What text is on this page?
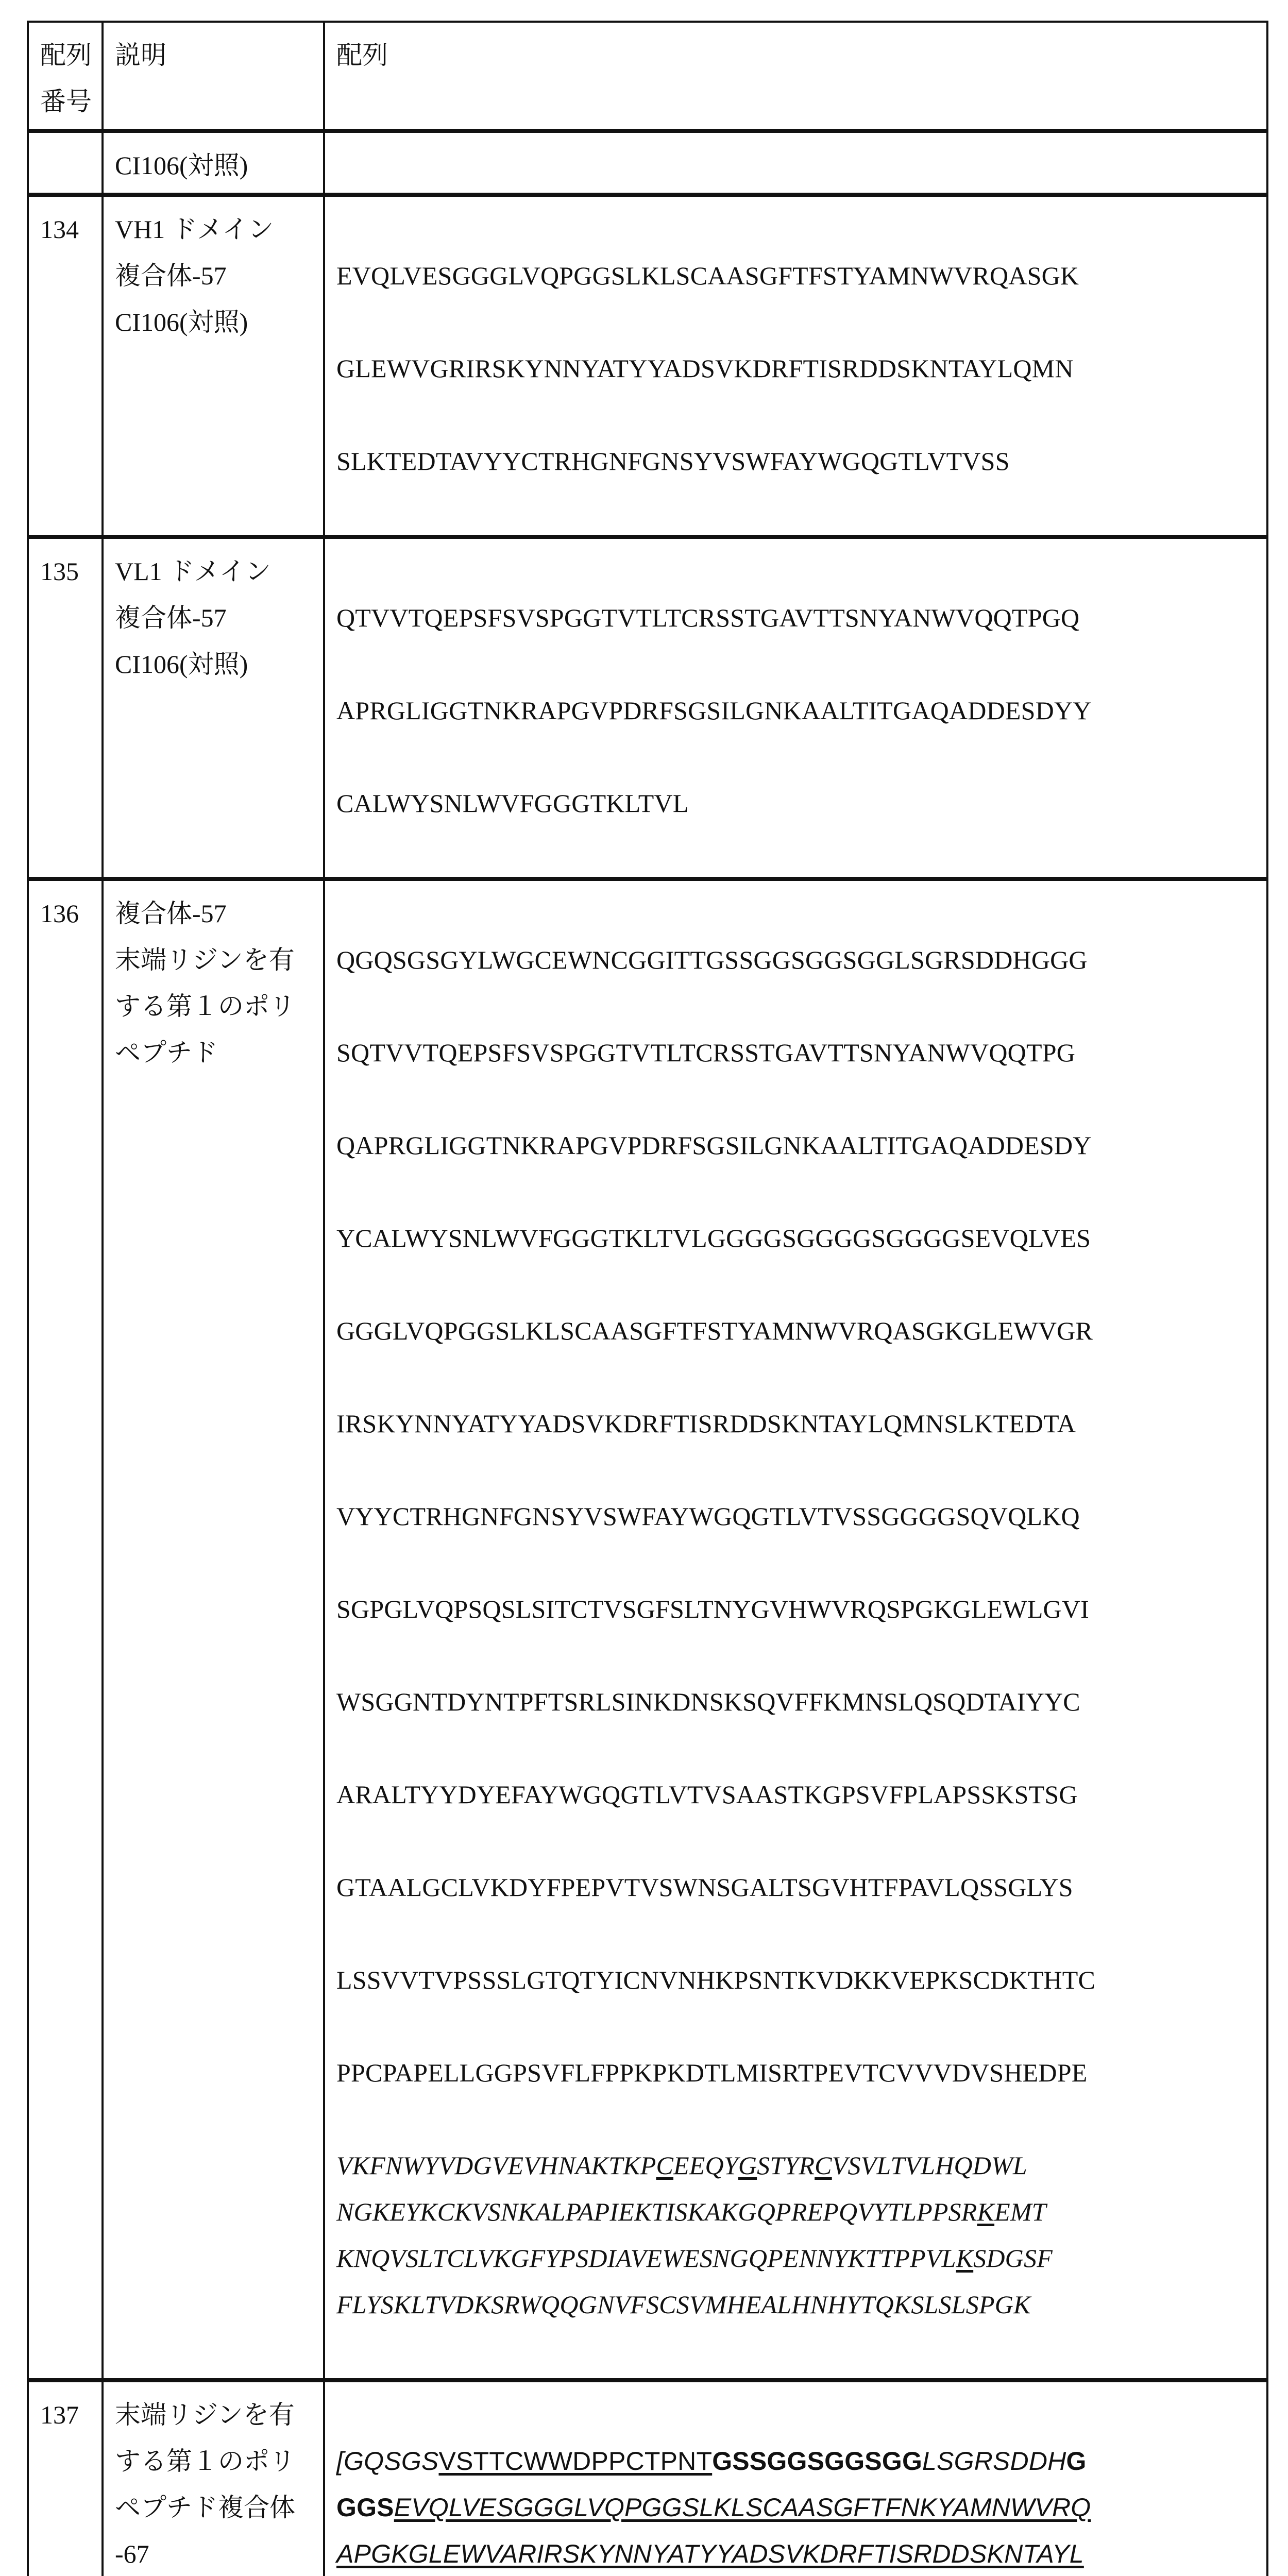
配列
番号	説明	配列

	CI106(対照)	

134	VH1 ドメイン
複合体-57
CI106(対照)	EVQLVESGGGLVQPGGSLKLSCAASGFTFSTYAMNWVRQASGK

GLEWVGRIRSKYNNYATYYADSVKDRFTISRDDSKNTAYLQMN

SLKTEDTAVYYCTRHGNFGNSYVSWFAYWGQGTLVTVSS

135	VL1 ドメイン
複合体-57
CI106(対照)	QTVVTQEPSFSVSPGGTVTLTCRSSTGAVTTSNYANWVQQTPGQ

APRGLIGGTNKRAPGVPDRFSGSILGNKAALTITGAQADDESDYY

CALWYSNLWVFGGGTKLTVL

136	複合体-57
末端リジンを有
する第１のポリ
ペプチド

QGQSGSGYLWGCEWNCGGITTGSSGGSGGSGGLSGRSDDHGGG

SQTVVTQEPSFSVSPGGTVTLTCRSSTGAVTTSNYANWVQQTPG

QAPRGLIGGTNKRAPGVPDRFSGSILGNKAALTITGAQADDESDY

YCALWYSNLWVFGGGTKLTVLGGGGSGGGGSGGGGSEVQLVES

GGGLVQPGGSLKLSCAASGFTFSTYAMNWVRQASGKGLEWVGR

IRSKYNNYATYYADSVKDRFTISRDDSKNTAYLQMNSLKTEDTA

VYYCTRHGNFGNSYVSWFAYWGQGTLVTVSSGGGGSQVQLKQ

SGPGLVQPSQSLSITCTVSGFSLTNYGVHWVRQSPGKGLEWLGVI

WSGGNTDYNTPFTSRLSINKDNSKSQVFFKMNSLQSQDTAIYYC

ARALTYYDYEFAYWGQGTLVTVSAASTKGPSVFPLAPSSKSTSG

GTAALGCLVKDYFPEPVTVSWNSGALTSGVHTFPAVLQSSGLYS

LSSVVTVPSSSLGTQTYICNVNHKPSNTKVDKKVEPKSCDKTHTC

PPCPAPELLGGPSVFLFPPKPKDTLMISRTPEVTCVVVDVSHEDPE

VKFNWYVDGVEVHNAKTKPCEEQYGSTYRCVSVLTVLHQDWL
NGKEYKCKVSNKALPAPIEKTISKAKGQPREPQVYTLPPSRKEMT
KNQVSLTCLVKGFYPSDIAVEWESNGQPENNYKTTPPVLKSDGSF
FLYSKLTVDKSRWQQGNVFSCSVMHEALHNHYTQKSLSLSPGK

137	末端リジンを有
する第１のポリ
ペプチド複合体
-67

[GQSGSVSTTCWWDPPCTPNTGSSGGSGGSGGLSGRSDDHG
GGSEVQLVESGGGLVQPGGSLKLSCAASGFTFNKYAMNWVRQ
APGKGLEWVARIRSKYNNYATYYADSVKDRFTISRDDSKNTAYL
